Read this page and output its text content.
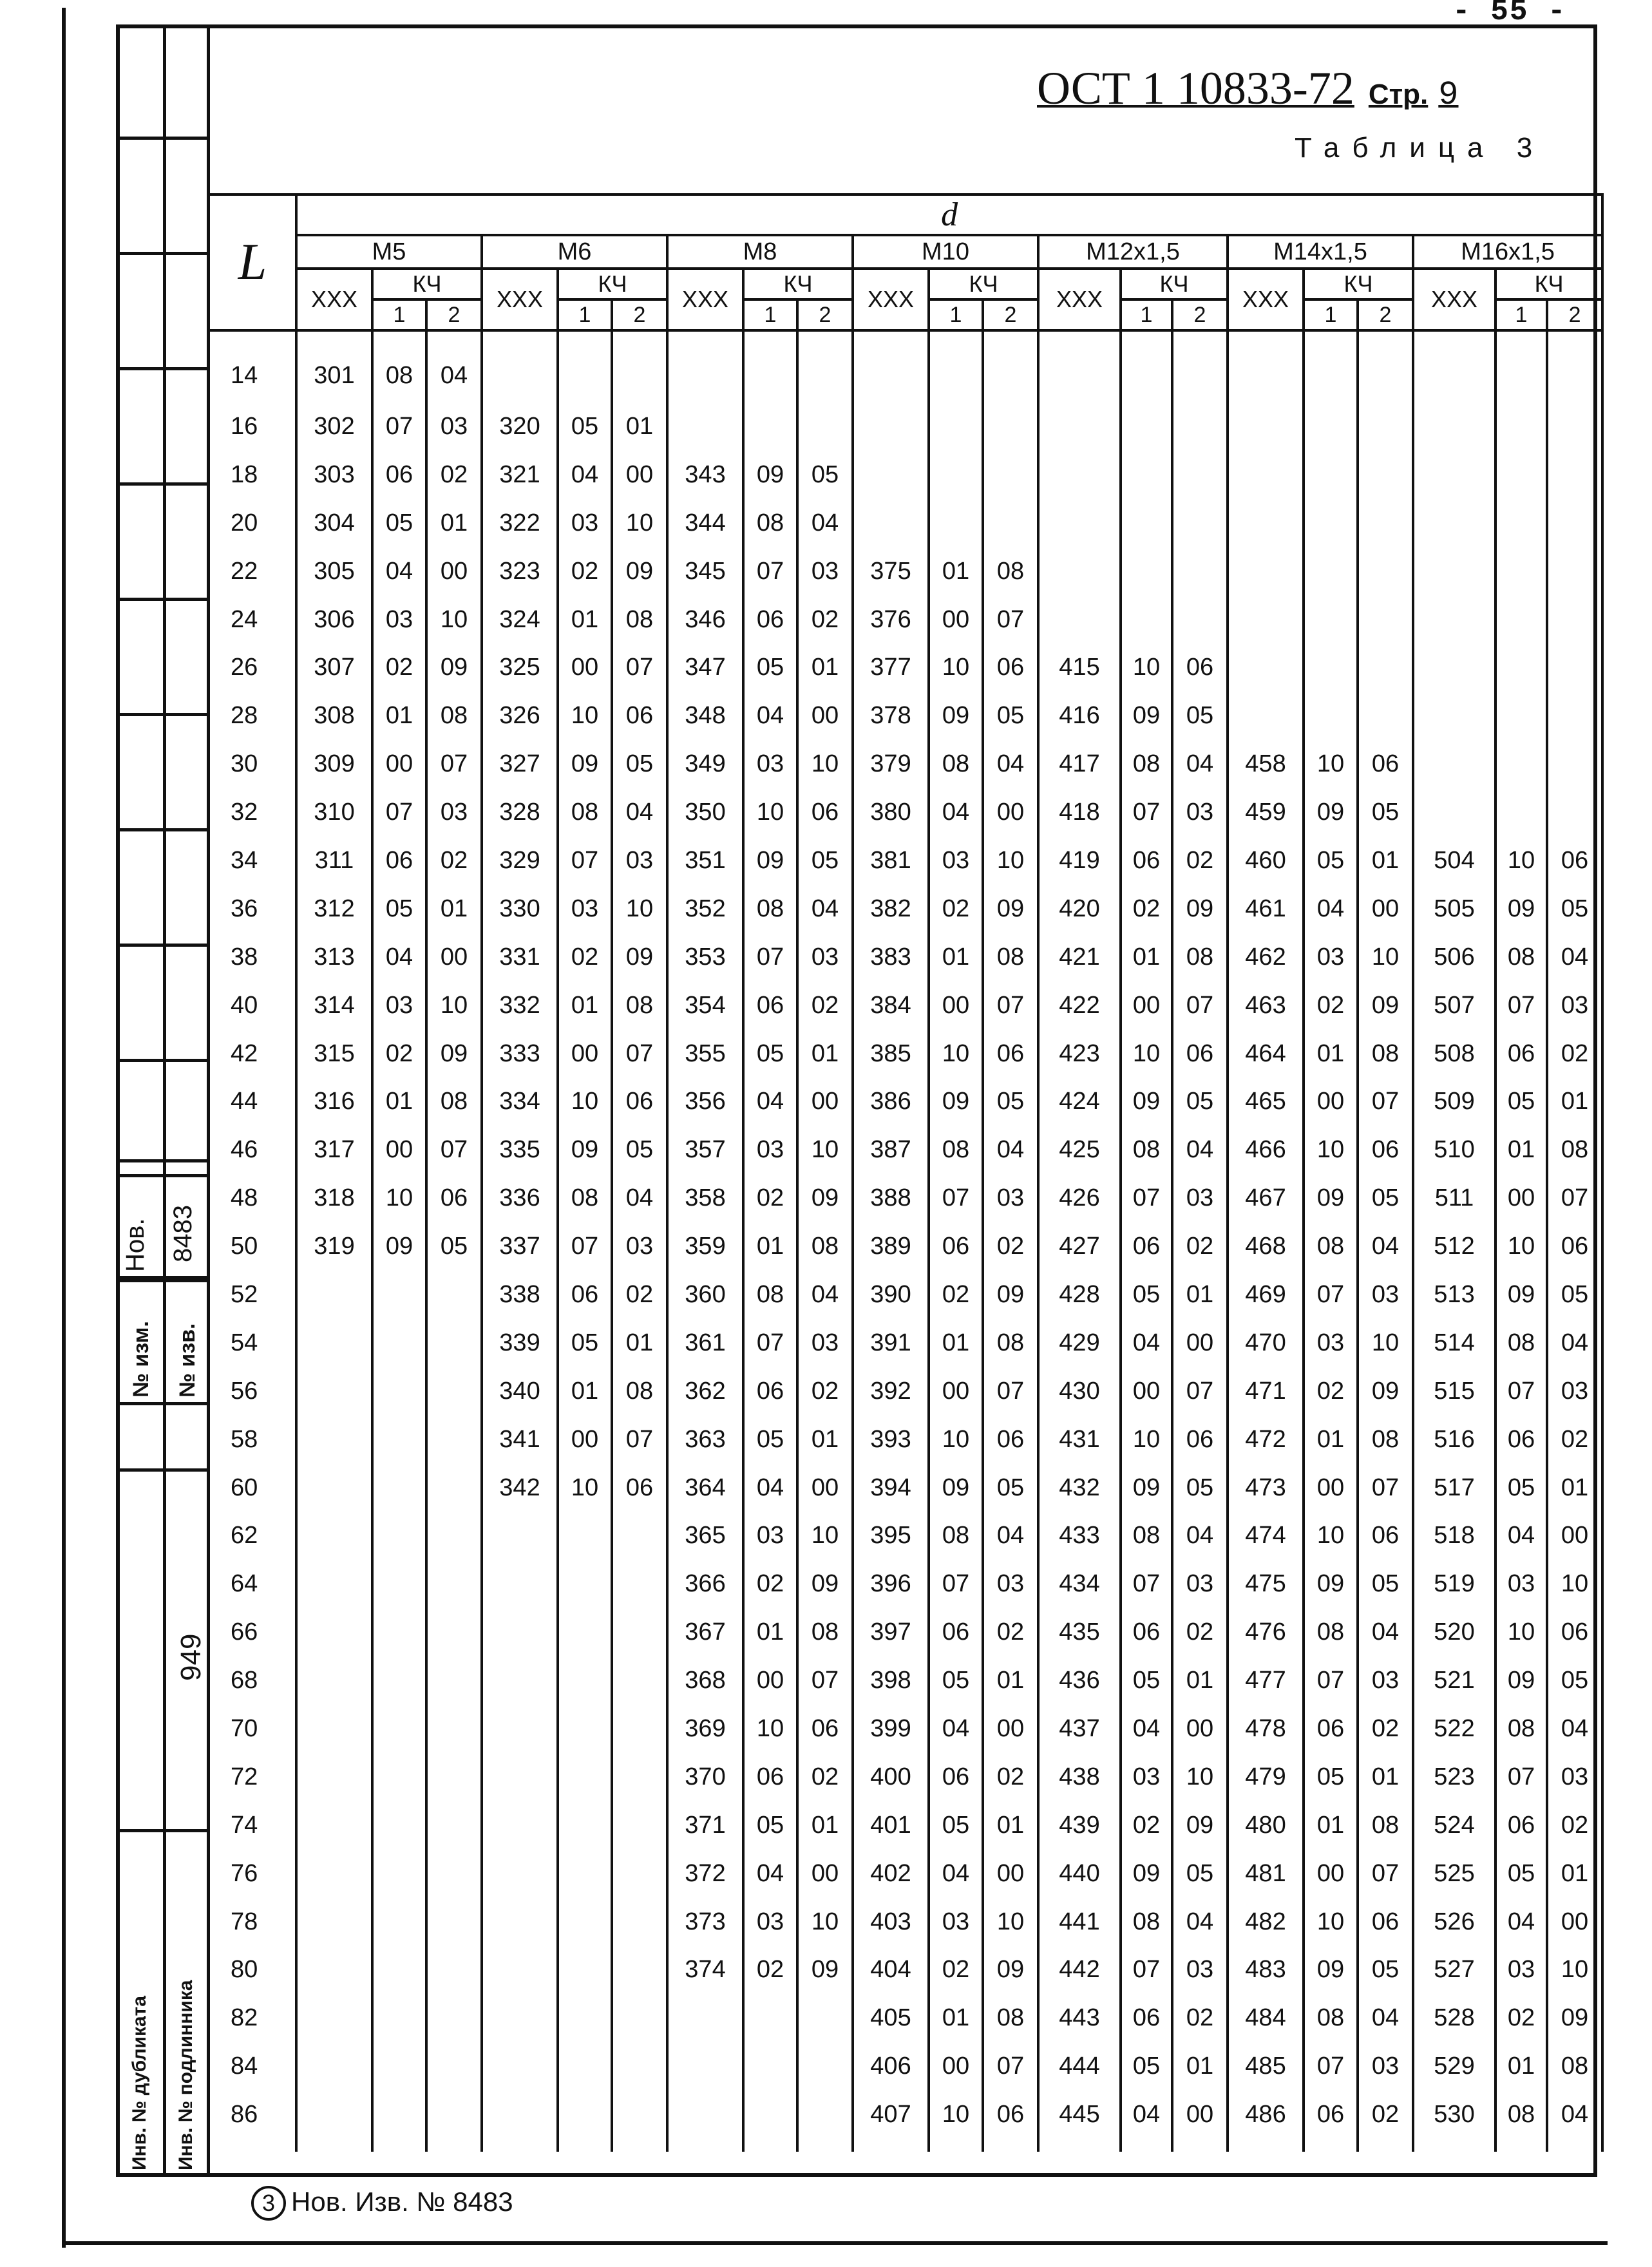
- 55 -
Нов. 8483
№ изм. № изв.
949
Инв. № дубликата Инв. № подлинника
ОСТ 1 10833-72 Стр. 9
Таблица 3
L	d																				
	M5			M6			M8			M10			M12x1,5			M14x1,5			M16x1,5		
	XXX	КЧ		XXX	КЧ		XXX	КЧ		XXX	КЧ		XXX	КЧ		XXX	КЧ		XXX	КЧ	
		1	2		1	2		1	2		1	2		1	2		1	2		1	2

14	301	08	04																		
16	302	07	03	320	05	01															
18	303	06	02	321	04	00	343	09	05												
20	304	05	01	322	03	10	344	08	04												
22	305	04	00	323	02	09	345	07	03	375	01	08									
24	306	03	10	324	01	08	346	06	02	376	00	07									
26	307	02	09	325	00	07	347	05	01	377	10	06	415	10	06						
28	308	01	08	326	10	06	348	04	00	378	09	05	416	09	05						
30	309	00	07	327	09	05	349	03	10	379	08	04	417	08	04	458	10	06			
32	310	07	03	328	08	04	350	10	06	380	04	00	418	07	03	459	09	05			
34	311	06	02	329	07	03	351	09	05	381	03	10	419	06	02	460	05	01	504	10	06
36	312	05	01	330	03	10	352	08	04	382	02	09	420	02	09	461	04	00	505	09	05
38	313	04	00	331	02	09	353	07	03	383	01	08	421	01	08	462	03	10	506	08	04
40	314	03	10	332	01	08	354	06	02	384	00	07	422	00	07	463	02	09	507	07	03
42	315	02	09	333	00	07	355	05	01	385	10	06	423	10	06	464	01	08	508	06	02
44	316	01	08	334	10	06	356	04	00	386	09	05	424	09	05	465	00	07	509	05	01
46	317	00	07	335	09	05	357	03	10	387	08	04	425	08	04	466	10	06	510	01	08
48	318	10	06	336	08	04	358	02	09	388	07	03	426	07	03	467	09	05	511	00	07
50	319	09	05	337	07	03	359	01	08	389	06	02	427	06	02	468	08	04	512	10	06
52				338	06	02	360	08	04	390	02	09	428	05	01	469	07	03	513	09	05
54				339	05	01	361	07	03	391	01	08	429	04	00	470	03	10	514	08	04
56				340	01	08	362	06	02	392	00	07	430	00	07	471	02	09	515	07	03
58				341	00	07	363	05	01	393	10	06	431	10	06	472	01	08	516	06	02
60				342	10	06	364	04	00	394	09	05	432	09	05	473	00	07	517	05	01
62							365	03	10	395	08	04	433	08	04	474	10	06	518	04	00
64							366	02	09	396	07	03	434	07	03	475	09	05	519	03	10
66							367	01	08	397	06	02	435	06	02	476	08	04	520	10	06
68							368	00	07	398	05	01	436	05	01	477	07	03	521	09	05
70							369	10	06	399	04	00	437	04	00	478	06	02	522	08	04
72							370	06	02	400	06	02	438	03	10	479	05	01	523	07	03
74							371	05	01	401	05	01	439	02	09	480	01	08	524	06	02
76							372	04	00	402	04	00	440	09	05	481	00	07	525	05	01
78							373	03	10	403	03	10	441	08	04	482	10	06	526	04	00
80							374	02	09	404	02	09	442	07	03	483	09	05	527	03	10
82										405	01	08	443	06	02	484	08	04	528	02	09
84										406	00	07	444	05	01	485	07	03	529	01	08
86										407	10	06	445	04	00	486	06	02	530	08	04
3 Нов. Изв. № 8483
